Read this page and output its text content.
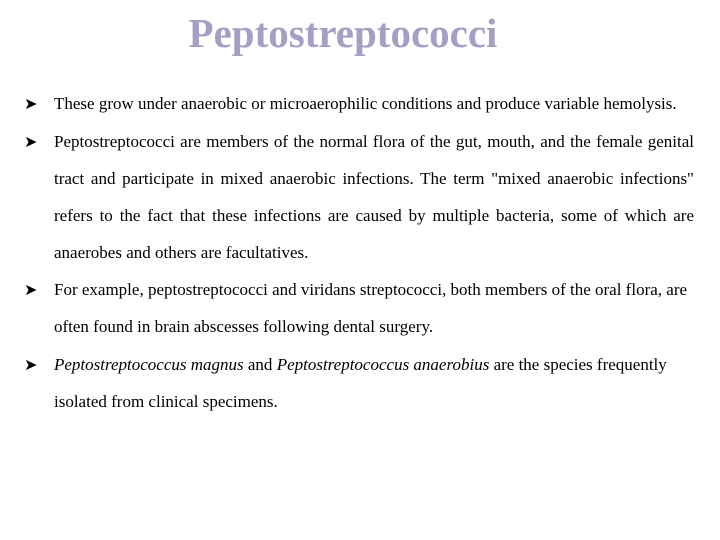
Peptostreptococci
➤ These grow under anaerobic or microaerophilic conditions and produce variable hemolysis.
➤ Peptostreptococci are members of the normal flora of the gut, mouth, and the female genital tract and participate in mixed anaerobic infections. The term "mixed anaerobic infections" refers to the fact that these infections are caused by multiple bacteria, some of which are anaerobes and others are facultatives.
➤ For example, peptostreptococci and viridans streptococci, both members of the oral flora, are often found in brain abscesses following dental surgery.
➤ Peptostreptococcus magnus and Peptostreptococcus anaerobius are the species frequently isolated from clinical specimens.
